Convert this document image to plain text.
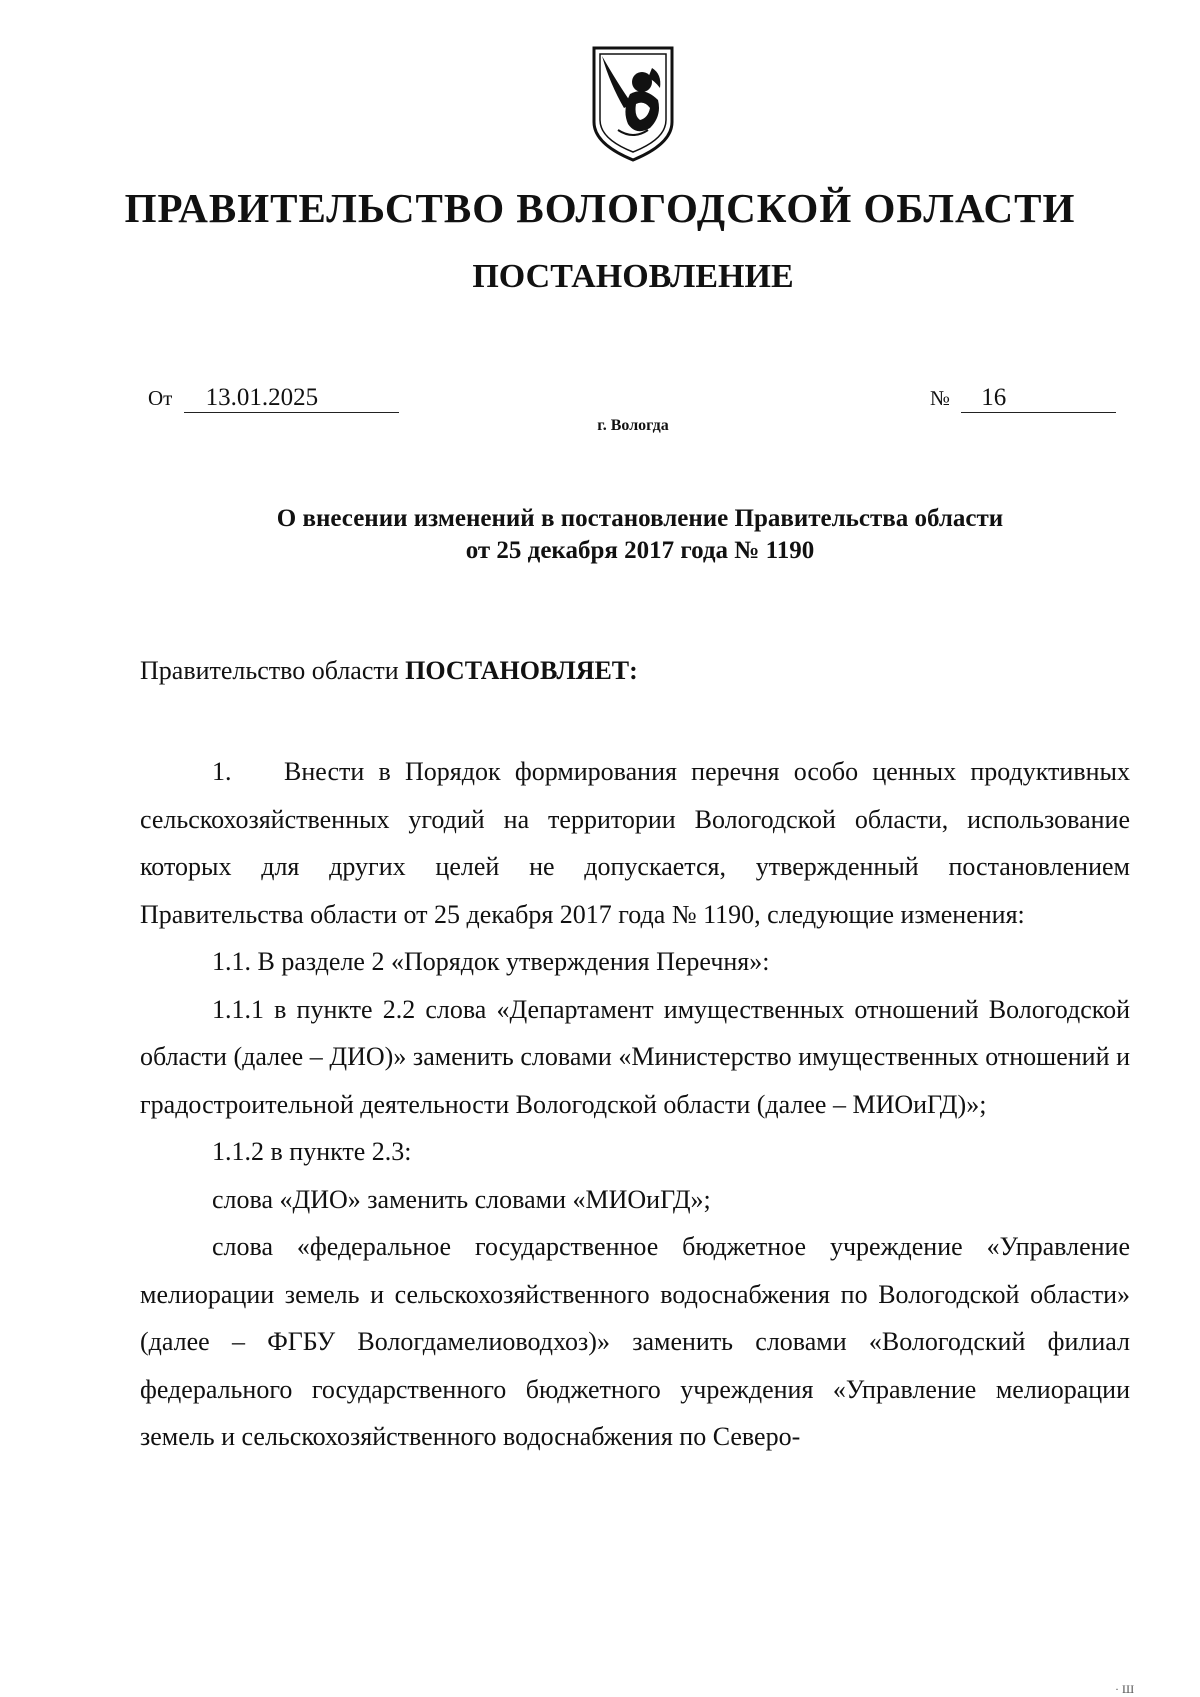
ПРАВИТЕЛЬСТВО ВОЛОГОДСКОЙ ОБЛАСТИ
ПОСТАНОВЛЕНИЕ
От 13.01.2025	№ 16
г. Вологда
О внесении изменений в постановление Правительства области
от 25 декабря 2017 года № 1190
Правительство области ПОСТАНОВЛЯЕТ:

1. Внести в Порядок формирования перечня особо ценных продуктивных сельскохозяйственных угодий на территории Вологодской области, использование которых для других целей не допускается, утвержденный постановлением Правительства области от 25 декабря 2017 года № 1190, следующие изменения:

1.1. В разделе 2 «Порядок утверждения Перечня»:

1.1.1 в пункте 2.2 слова «Департамент имущественных отношений Вологодской области (далее – ДИО)» заменить словами «Министерство имущественных отношений и градостроительной деятельности Вологодской области (далее – МИОиГД)»;

1.1.2 в пункте 2.3:

слова «ДИО» заменить словами «МИОиГД»;

слова «федеральное государственное бюджетное учреждение «Управление мелиорации земель и сельскохозяйственного водоснабжения по Вологодской области» (далее – ФГБУ Вологдамелиоводхоз)» заменить словами «Вологодский филиал федерального государственного бюджетного учреждения «Управление мелиорации земель и сельскохозяйственного водоснабжения по Северо-

· Ш
